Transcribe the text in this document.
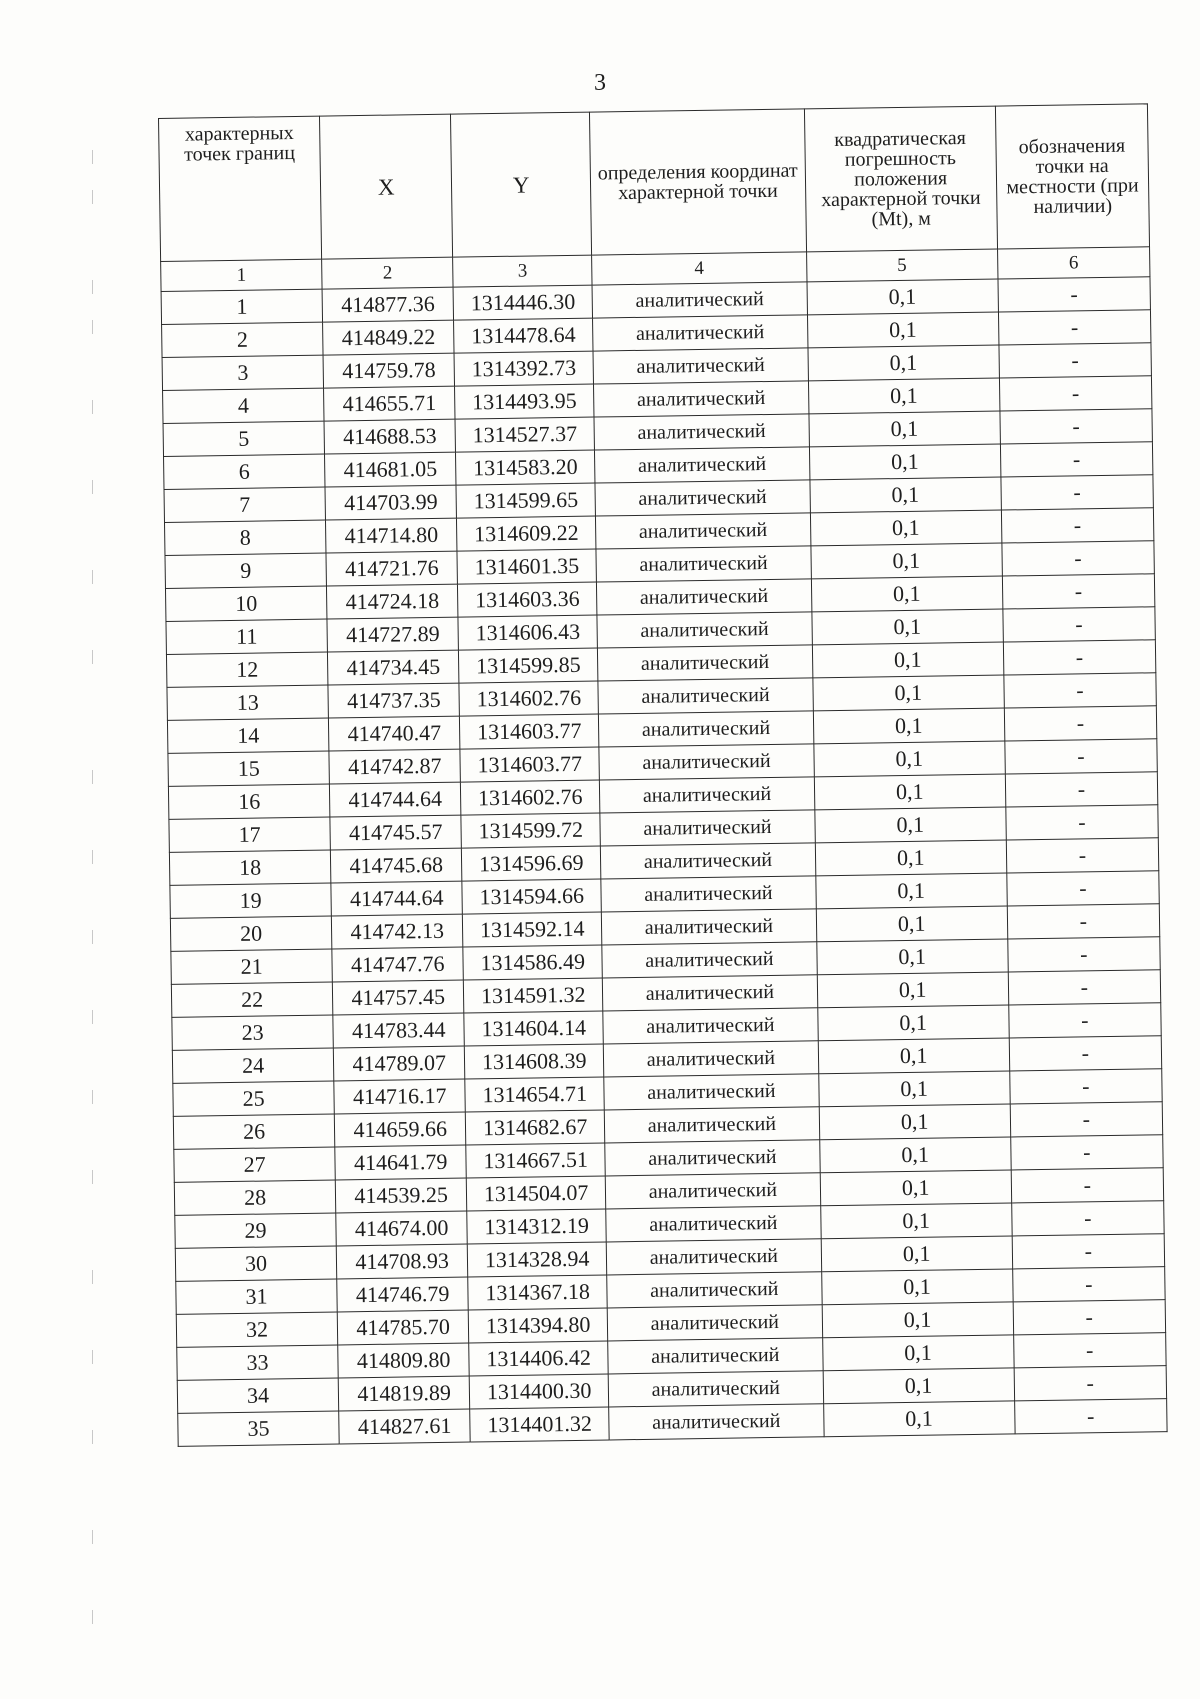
3
характерных точек границ	X	Y	определения координат характерной точки	квадратическая погрешность положения характерной точки (Mt), м	обозначения точки на местности (при наличии)
1	2	3	4	5	6
1	414877.36	1314446.30	аналитический	0,1	-
2	414849.22	1314478.64	аналитический	0,1	-
3	414759.78	1314392.73	аналитический	0,1	-
4	414655.71	1314493.95	аналитический	0,1	-
5	414688.53	1314527.37	аналитический	0,1	-
6	414681.05	1314583.20	аналитический	0,1	-
7	414703.99	1314599.65	аналитический	0,1	-
8	414714.80	1314609.22	аналитический	0,1	-
9	414721.76	1314601.35	аналитический	0,1	-
10	414724.18	1314603.36	аналитический	0,1	-
11	414727.89	1314606.43	аналитический	0,1	-
12	414734.45	1314599.85	аналитический	0,1	-
13	414737.35	1314602.76	аналитический	0,1	-
14	414740.47	1314603.77	аналитический	0,1	-
15	414742.87	1314603.77	аналитический	0,1	-
16	414744.64	1314602.76	аналитический	0,1	-
17	414745.57	1314599.72	аналитический	0,1	-
18	414745.68	1314596.69	аналитический	0,1	-
19	414744.64	1314594.66	аналитический	0,1	-
20	414742.13	1314592.14	аналитический	0,1	-
21	414747.76	1314586.49	аналитический	0,1	-
22	414757.45	1314591.32	аналитический	0,1	-
23	414783.44	1314604.14	аналитический	0,1	-
24	414789.07	1314608.39	аналитический	0,1	-
25	414716.17	1314654.71	аналитический	0,1	-
26	414659.66	1314682.67	аналитический	0,1	-
27	414641.79	1314667.51	аналитический	0,1	-
28	414539.25	1314504.07	аналитический	0,1	-
29	414674.00	1314312.19	аналитический	0,1	-
30	414708.93	1314328.94	аналитический	0,1	-
31	414746.79	1314367.18	аналитический	0,1	-
32	414785.70	1314394.80	аналитический	0,1	-
33	414809.80	1314406.42	аналитический	0,1	-
34	414819.89	1314400.30	аналитический	0,1	-
35	414827.61	1314401.32	аналитический	0,1	-
